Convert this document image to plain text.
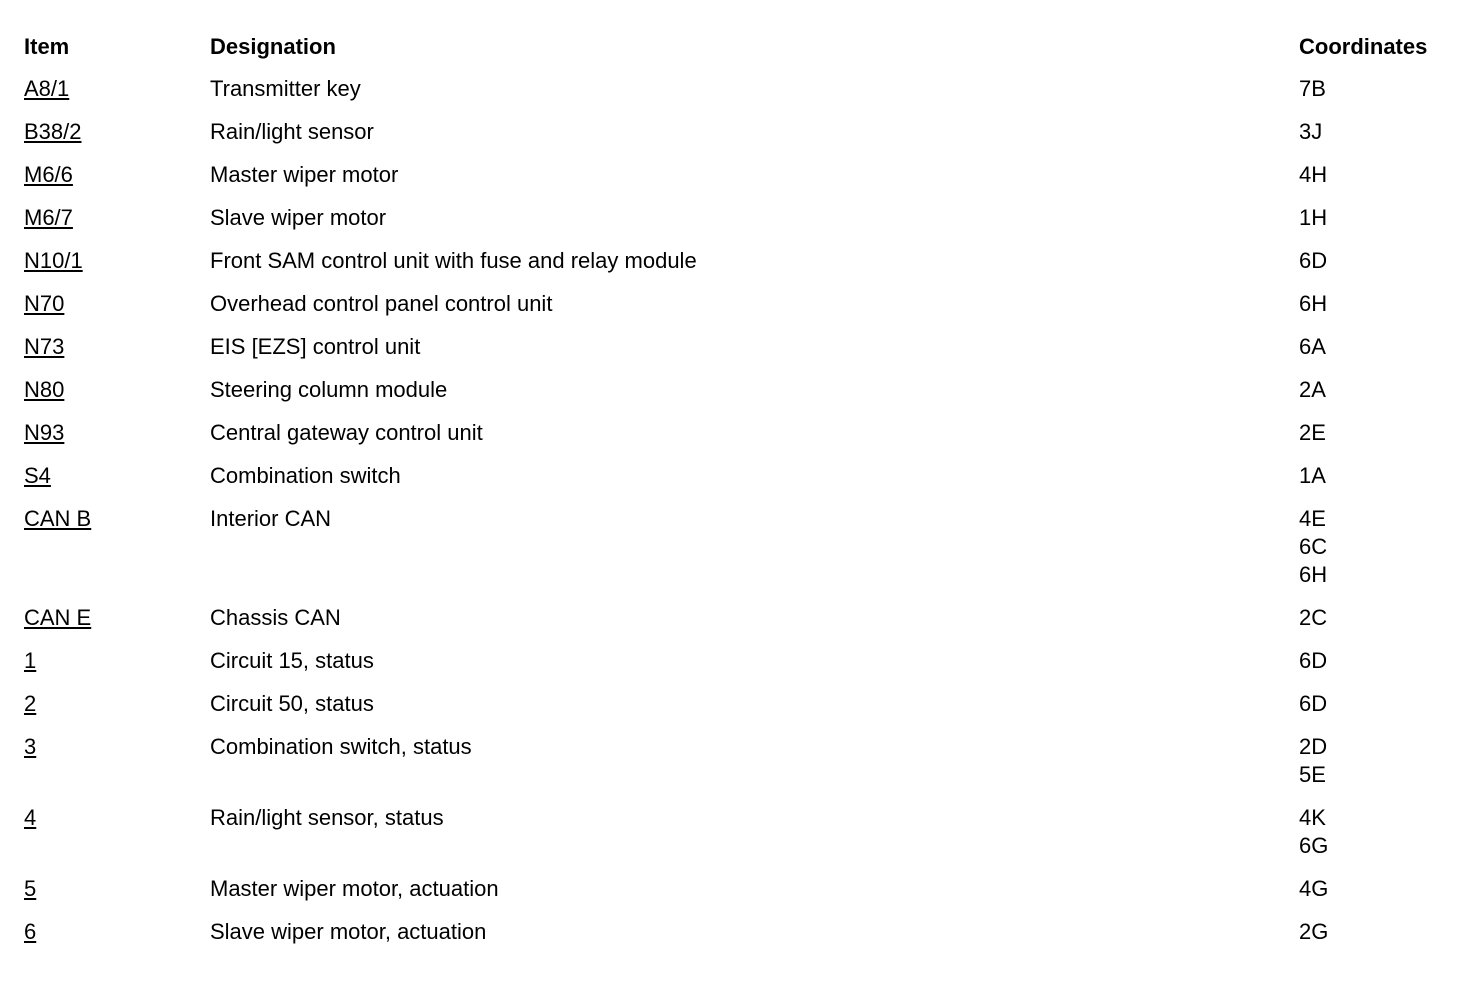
Item	Designation	Coordinates
A8/1	Transmitter key	7B
B38/2	Rain/light sensor	3J
M6/6	Master wiper motor	4H
M6/7	Slave wiper motor	1H
N10/1	Front SAM control unit with fuse and relay module	6D
N70	Overhead control panel control unit	6H
N73	EIS [EZS] control unit	6A
N80	Steering column module	2A
N93	Central gateway control unit	2E
S4	Combination switch	1A
CAN B	Interior CAN	4E
6C
6H
CAN E	Chassis CAN	2C
1	Circuit 15, status	6D
2	Circuit 50, status	6D
3	Combination switch, status	2D
5E
4	Rain/light sensor, status	4K
6G
5	Master wiper motor, actuation	4G
6	Slave wiper motor, actuation	2G
